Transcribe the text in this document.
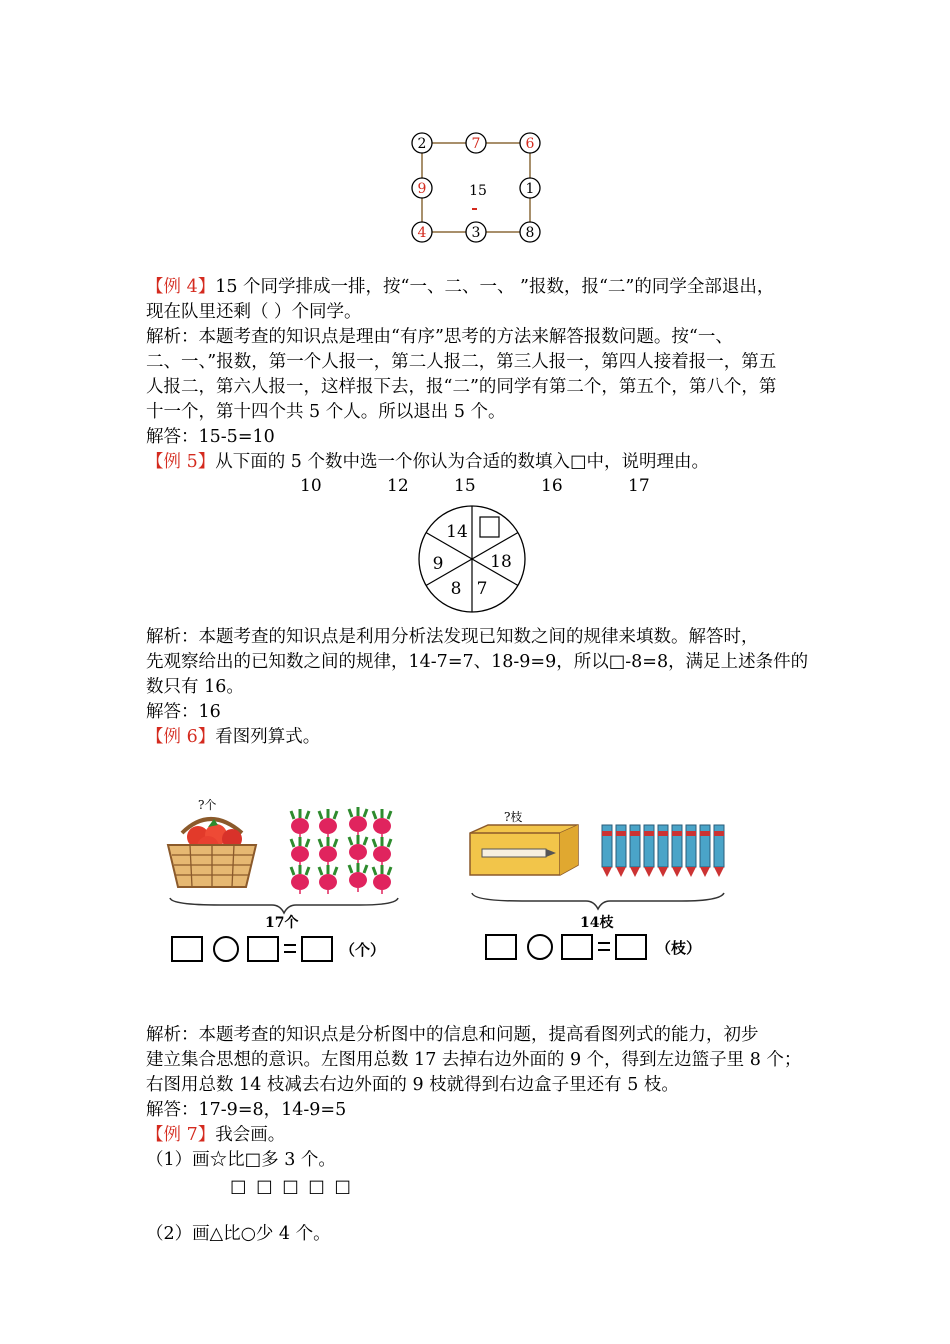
2	7	6
9	1
4	3	8
15
【例 4】15 个同学排成一排，按“一、二、一、 ”报数，报“二”的同学全部退出，
现在队里还剩（ ）个同学。
解析：本题考查的知识点是理由“有序”思考的方法来解答报数问题。按“一、
二、一、”报数，第一个人报一，第二人报二，第三人报一，第四人接着报一，第五
人报二，第六人报一，这样报下去，报“二”的同学有第二个，第五个，第八个，第
十一个，第十四个共 5 个人。所以退出 5 个。
解答：15-5=10
【例 5】从下面的 5 个数中选一个你认为合适的数填入□中，说明理由。
10	12	15	16	17
14
18
9
8 7
解析：本题考查的知识点是利用分析法发现已知数之间的规律来填数。解答时，
先观察给出的已知数之间的规律，14-7=7、18-9=9，所以□-8=8，满足上述条件的
数只有 16。
解答：16
【例 6】看图列算式。
?个
17个
（个）
?枝
14枝
（枝）
解析：本题考查的知识点是分析图中的信息和问题，提高看图列式的能力，初步
建立集合思想的意识。左图用总数 17 去掉右边外面的 9 个，得到左边篮子里 8 个；
右图用总数 14 枝减去右边外面的 9 枝就得到右边盒子里还有 5 枝。
解答：17-9=8，14-9=5
【例 7】我会画。
（1）画☆比□多 3 个。
□ □ □ □ □
（2）画△比○少 4 个。
